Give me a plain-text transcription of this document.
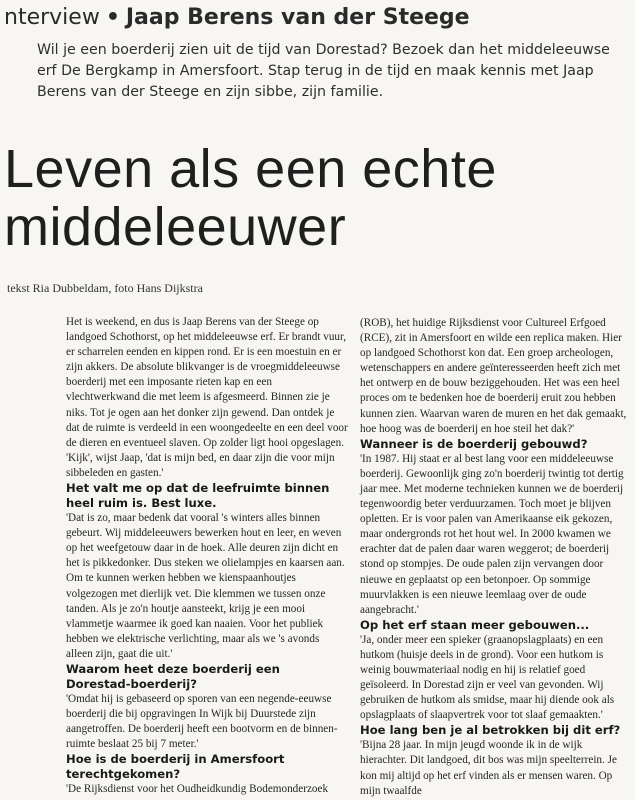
nterview • Jaap Berens van der Steege
Wil je een boerderij zien uit de tijd van Dorestad? Bezoek dan het middeleeuwse erf De Bergkamp in Amersfoort. Stap terug in de tijd en maak kennis met Jaap Berens van der Steege en zijn sibbe, zijn familie.
Leven als een echte
middeleeuwer
tekst Ria Dubbeldam, foto Hans Dijkstra

Het is weekend, en dus is Jaap Berens van der Steege op landgoed Schothorst, op het middeleeuwse erf. Er brandt vuur, er scharrelen eenden en kippen rond. Er is een moestuin en er zijn akkers. De absolute blikvanger is de vroegmiddeleeuwse boerderij met een imposante rieten kap en een vlechtwerkwand die met leem is afgesmeerd. Binnen zie je niks. Tot je ogen aan het donker zijn gewend. Dan ontdek je dat de ruimte is verdeeld in een woongedeelte en een deel voor de dieren en eventueel slaven. Op zolder ligt hooi opgeslagen. 'Kijk', wijst Jaap, 'dat is mijn bed, en daar zijn die voor mijn sibbeleden en gasten.'

Het valt me op dat de leefruimte binnen heel ruim is. Best luxe.

'Dat is zo, maar bedenk dat vooral 's winters alles binnen gebeurt. Wij middeleeuwers bewerken hout en leer, en weven op het weefgetouw daar in de hoek. Alle deuren zijn dicht en het is pikkedonker. Dus steken we olielampjes en kaarsen aan. Om te kunnen werken hebben we kienspaanhoutjes volgezogen met dierlijk vet. Die klemmen we tussen onze tanden. Als je zo'n houtje aansteekt, krijg je een mooi vlammetje waarmee ik goed kan naaien. Voor het publiek hebben we elektrische verlichting, maar als we 's avonds alleen zijn, gaat die uit.'

Waarom heet deze boerderij een Dorestad-boerderij?

'Omdat hij is gebaseerd op sporen van een negende-eeuwse boerderij die bij opgravingen In Wijk bij Duurstede zijn aangetroffen. De boerderij heeft een bootvorm en de binnen-ruimte beslaat 25 bij 7 meter.'

Hoe is de boerderij in Amersfoort terechtgekomen?

'De Rijksdienst voor het Oudheidkundig Bodemonderzoek

(ROB), het huidige Rijksdienst voor Cultureel Erfgoed (RCE), zit in Amersfoort en wilde een replica maken. Hier op landgoed Schothorst kon dat. Een groep archeologen, wetenschappers en andere geïnteresseerden heeft zich met het ontwerp en de bouw beziggehouden. Het was een heel proces om te bedenken hoe de boerderij eruit zou hebben kunnen zien. Waarvan waren de muren en het dak gemaakt, hoe hoog was de boerderij en hoe steil het dak?'

Wanneer is de boerderij gebouwd?

'In 1987. Hij staat er al best lang voor een middeleeuwse boerderij. Gewoonlijk ging zo'n boerderij twintig tot dertig jaar mee. Met moderne technieken kunnen we de boerderij tegenwoordig beter verduurzamen. Toch moet je blijven opletten. Er is voor palen van Amerikaanse eik gekozen, maar ondergronds rot het hout wel. In 2000 kwamen we erachter dat de palen daar waren weggerot; de boerderij stond op stompjes. De oude palen zijn vervangen door nieuwe en geplaatst op een betonpoer. Op sommige muurvlakken is een nieuwe leemlaag over de oude aangebracht.'

Op het erf staan meer gebouwen...

'Ja, onder meer een spieker (graanopslagplaats) en een hutkom (huisje deels in de grond). Voor een hutkom is weinig bouwmateriaal nodig en hij is relatief goed geïsoleerd. In Dorestad zijn er veel van gevonden. Wij gebruiken de hutkom als smidse, maar hij diende ook als opslagplaats of slaapvertrek voor tot slaaf gemaakten.'

Hoe lang ben je al betrokken bij dit erf?

'Bijna 28 jaar. In mijn jeugd woonde ik in de wijk hierachter. Dit landgoed, dit bos was mijn speelterrein. Je kon mij altijd op het erf vinden als er mensen waren. Op mijn twaalfde
